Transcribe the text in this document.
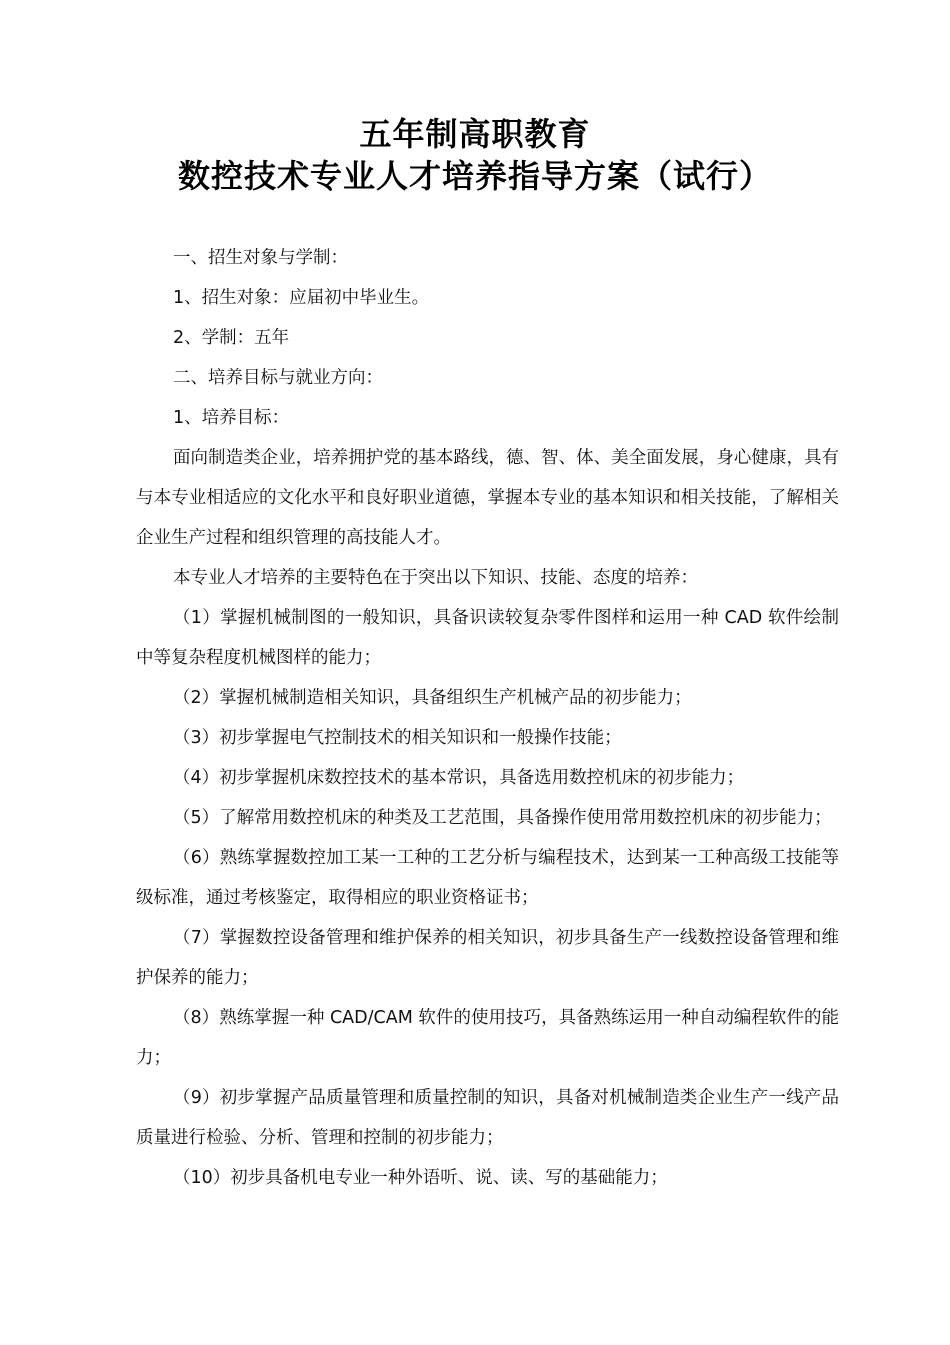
五年制高职教育
数控技术专业人才培养指导方案（试行）

一、招生对象与学制：

1、招生对象：应届初中毕业生。

2、学制：五年

二、培养目标与就业方向：

1、培养目标：

面向制造类企业，培养拥护党的基本路线，德、智、体、美全面发展，身心健康，具有与本专业相适应的文化水平和良好职业道德，掌握本专业的基本知识和相关技能，了解相关企业生产过程和组织管理的高技能人才。

本专业人才培养的主要特色在于突出以下知识、技能、态度的培养：

（1）掌握机械制图的一般知识，具备识读较复杂零件图样和运用一种 CAD 软件绘制中等复杂程度机械图样的能力；

（2）掌握机械制造相关知识，具备组织生产机械产品的初步能力；

（3）初步掌握电气控制技术的相关知识和一般操作技能；

（4）初步掌握机床数控技术的基本常识，具备选用数控机床的初步能力；

（5）了解常用数控机床的种类及工艺范围，具备操作使用常用数控机床的初步能力；

（6）熟练掌握数控加工某一工种的工艺分析与编程技术，达到某一工种高级工技能等级标准，通过考核鉴定，取得相应的职业资格证书；

（7）掌握数控设备管理和维护保养的相关知识，初步具备生产一线数控设备管理和维护保养的能力；

（8）熟练掌握一种 CAD/CAM 软件的使用技巧，具备熟练运用一种自动编程软件的能力；

（9）初步掌握产品质量管理和质量控制的知识，具备对机械制造类企业生产一线产品质量进行检验、分析、管理和控制的初步能力；

（10）初步具备机电专业一种外语听、说、读、写的基础能力；
